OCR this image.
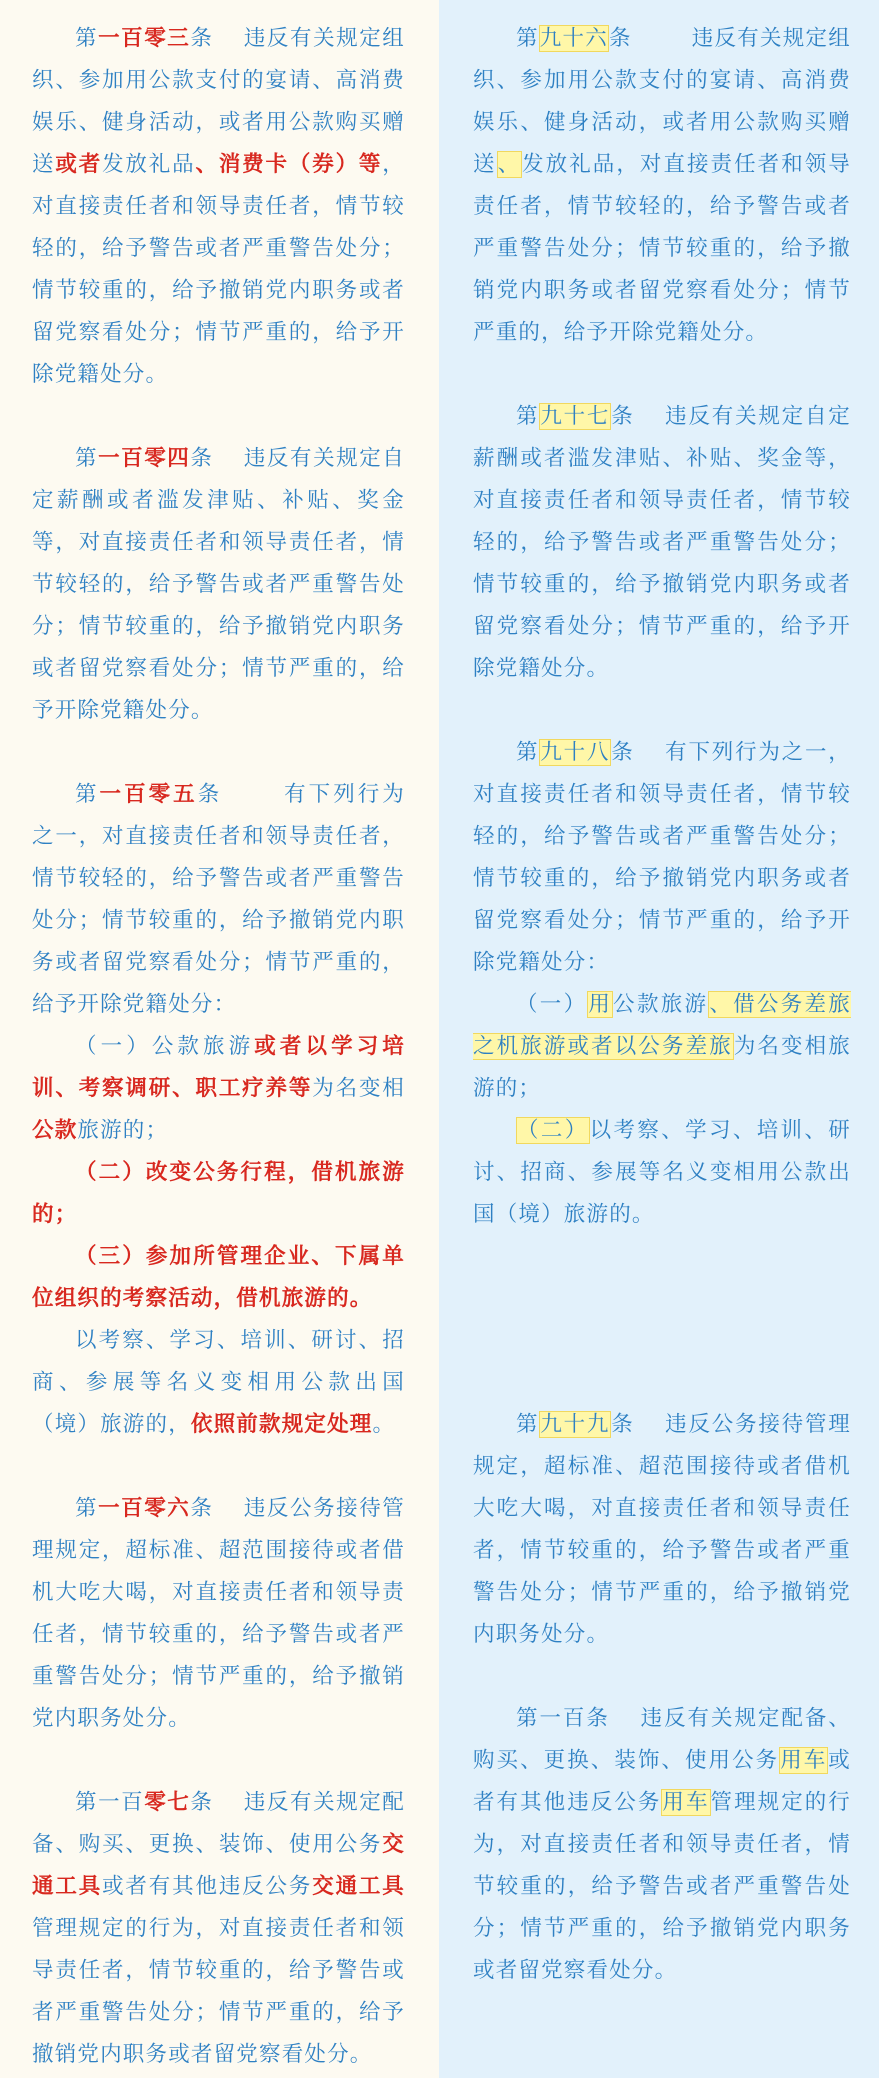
第一百零三条 违反有关规定组织、参加用公款支付的宴请、高消费娱乐、健身活动，或者用公款购买赠送或者发放礼品、消费卡（券）等，对直接责任者和领导责任者，情节较轻的，给予警告或者严重警告处分；情节较重的，给予撤销党内职务或者留党察看处分；情节严重的，给予开除党籍处分。

第一百零四条 违反有关规定自定薪酬或者滥发津贴、补贴、奖金等，对直接责任者和领导责任者，情节较轻的，给予警告或者严重警告处分；情节较重的，给予撤销党内职务或者留党察看处分；情节严重的，给予开除党籍处分。

第一百零五条	有下列行为之一，对直接责任者和领导责任者，情节较轻的，给予警告或者严重警告处分；情节较重的，给予撤销党内职务或者留党察看处分；情节严重的，给予开除党籍处分：

（一）公款旅游或者以学习培训、考察调研、职工疗养等为名变相公款旅游的；

（二）改变公务行程，借机旅游的；

（三）参加所管理企业、下属单位组织的考察活动，借机旅游的。

以考察、学习、培训、研讨、招商、参展等名义变相用公款出国（境）旅游的，依照前款规定处理。

第一百零六条 违反公务接待管理规定，超标准、超范围接待或者借机大吃大喝，对直接责任者和领导责任者，情节较重的，给予警告或者严重警告处分；情节严重的，给予撤销党内职务处分。

第一百零七条 违反有关规定配备、购买、更换、装饰、使用公务交通工具或者有其他违反公务交通工具管理规定的行为，对直接责任者和领导责任者，情节较重的，给予警告或者严重警告处分；情节严重的，给予撤销党内职务或者留党察看处分。

第九十六条	违反有关规定组织、参加用公款支付的宴请、高消费娱乐、健身活动，或者用公款购买赠送、发放礼品，对直接责任者和领导责任者，情节较轻的，给予警告或者严重警告处分；情节较重的，给予撤销党内职务或者留党察看处分；情节严重的，给予开除党籍处分。

第九十七条 违反有关规定自定薪酬或者滥发津贴、补贴、奖金等，对直接责任者和领导责任者，情节较轻的，给予警告或者严重警告处分；情节较重的，给予撤销党内职务或者留党察看处分；情节严重的，给予开除党籍处分。

第九十八条 有下列行为之一，对直接责任者和领导责任者，情节较轻的，给予警告或者严重警告处分；情节较重的，给予撤销党内职务或者留党察看处分；情节严重的，给予开除党籍处分：

（一）用公款旅游、借公务差旅之机旅游或者以公务差旅为名变相旅游的；

（二）以考察、学习、培训、研讨、招商、参展等名义变相用公款出国（境）旅游的。

第九十九条 违反公务接待管理规定，超标准、超范围接待或者借机大吃大喝，对直接责任者和领导责任者，情节较重的，给予警告或者严重警告处分；情节严重的，给予撤销党内职务处分。

第一百条 违反有关规定配备、购买、更换、装饰、使用公务用车或者有其他违反公务用车管理规定的行为，对直接责任者和领导责任者，情节较重的，给予警告或者严重警告处分；情节严重的，给予撤销党内职务或者留党察看处分。
